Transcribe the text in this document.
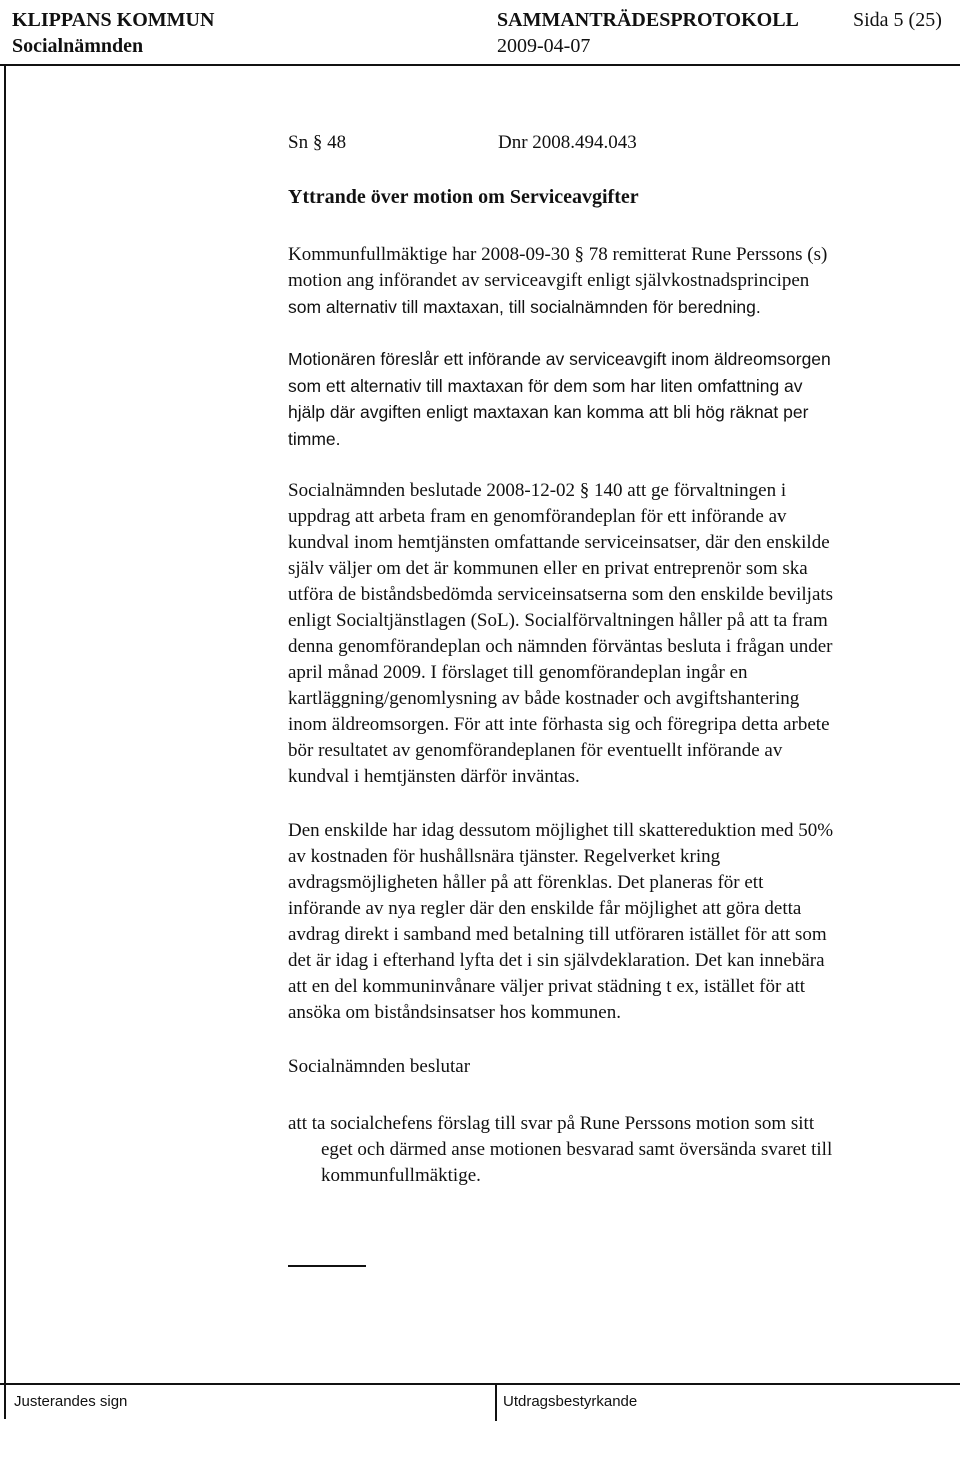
KLIPPANS KOMMUN	SAMMANTRÄDESPROTOKOLL	Sida 5 (25)
Socialnämnden	2009-04-07
Sn § 48	Dnr 2008.494.043
Yttrande över motion om Serviceavgifter
Kommunfullmäktige har 2008-09-30 § 78 remitterat Rune Perssons (s)
motion ang införandet av serviceavgift enligt självkostnadsprincipen
som alternativ till maxtaxan, till socialnämnden för beredning.
Motionären föreslår ett införande av serviceavgift inom äldreomsorgen
som ett alternativ till maxtaxan för dem som har liten omfattning av
hjälp där avgiften enligt maxtaxan kan komma att bli hög räknat per
timme.
Socialnämnden beslutade 2008-12-02 § 140 att ge förvaltningen i
uppdrag att arbeta fram en genomförandeplan för ett införande av
kundval inom hemtjänsten omfattande serviceinsatser, där den enskilde
själv väljer om det är kommunen eller en privat entreprenör som ska
utföra de biståndsbedömda serviceinsatserna som den enskilde beviljats
enligt Socialtjänstlagen (SoL). Socialförvaltningen håller på att ta fram
denna genomförandeplan och nämnden förväntas besluta i frågan under
april månad 2009. I förslaget till genomförandeplan ingår en
kartläggning/genomlysning av både kostnader och avgiftshantering
inom äldreomsorgen. För att inte förhasta sig och föregripa detta arbete
bör resultatet av genomförandeplanen för eventuellt införande av
kundval i hemtjänsten därför inväntas.
Den enskilde har idag dessutom möjlighet till skattereduktion med 50%
av kostnaden för hushållsnära tjänster. Regelverket kring
avdragsmöjligheten håller på att förenklas. Det planeras för ett
införande av nya regler där den enskilde får möjlighet att göra detta
avdrag direkt i samband med betalning till utföraren istället för att som
det är idag i efterhand lyfta det i sin självdeklaration. Det kan innebära
att en del kommuninvånare väljer privat städning t ex, istället för att
ansöka om biståndsinsatser hos kommunen.
Socialnämnden beslutar
att ta socialchefens förslag till svar på Rune Perssons motion som sitt
eget och därmed anse motionen besvarad samt översända svaret till
kommunfullmäktige.
Justerandes sign	Utdragsbestyrkande
